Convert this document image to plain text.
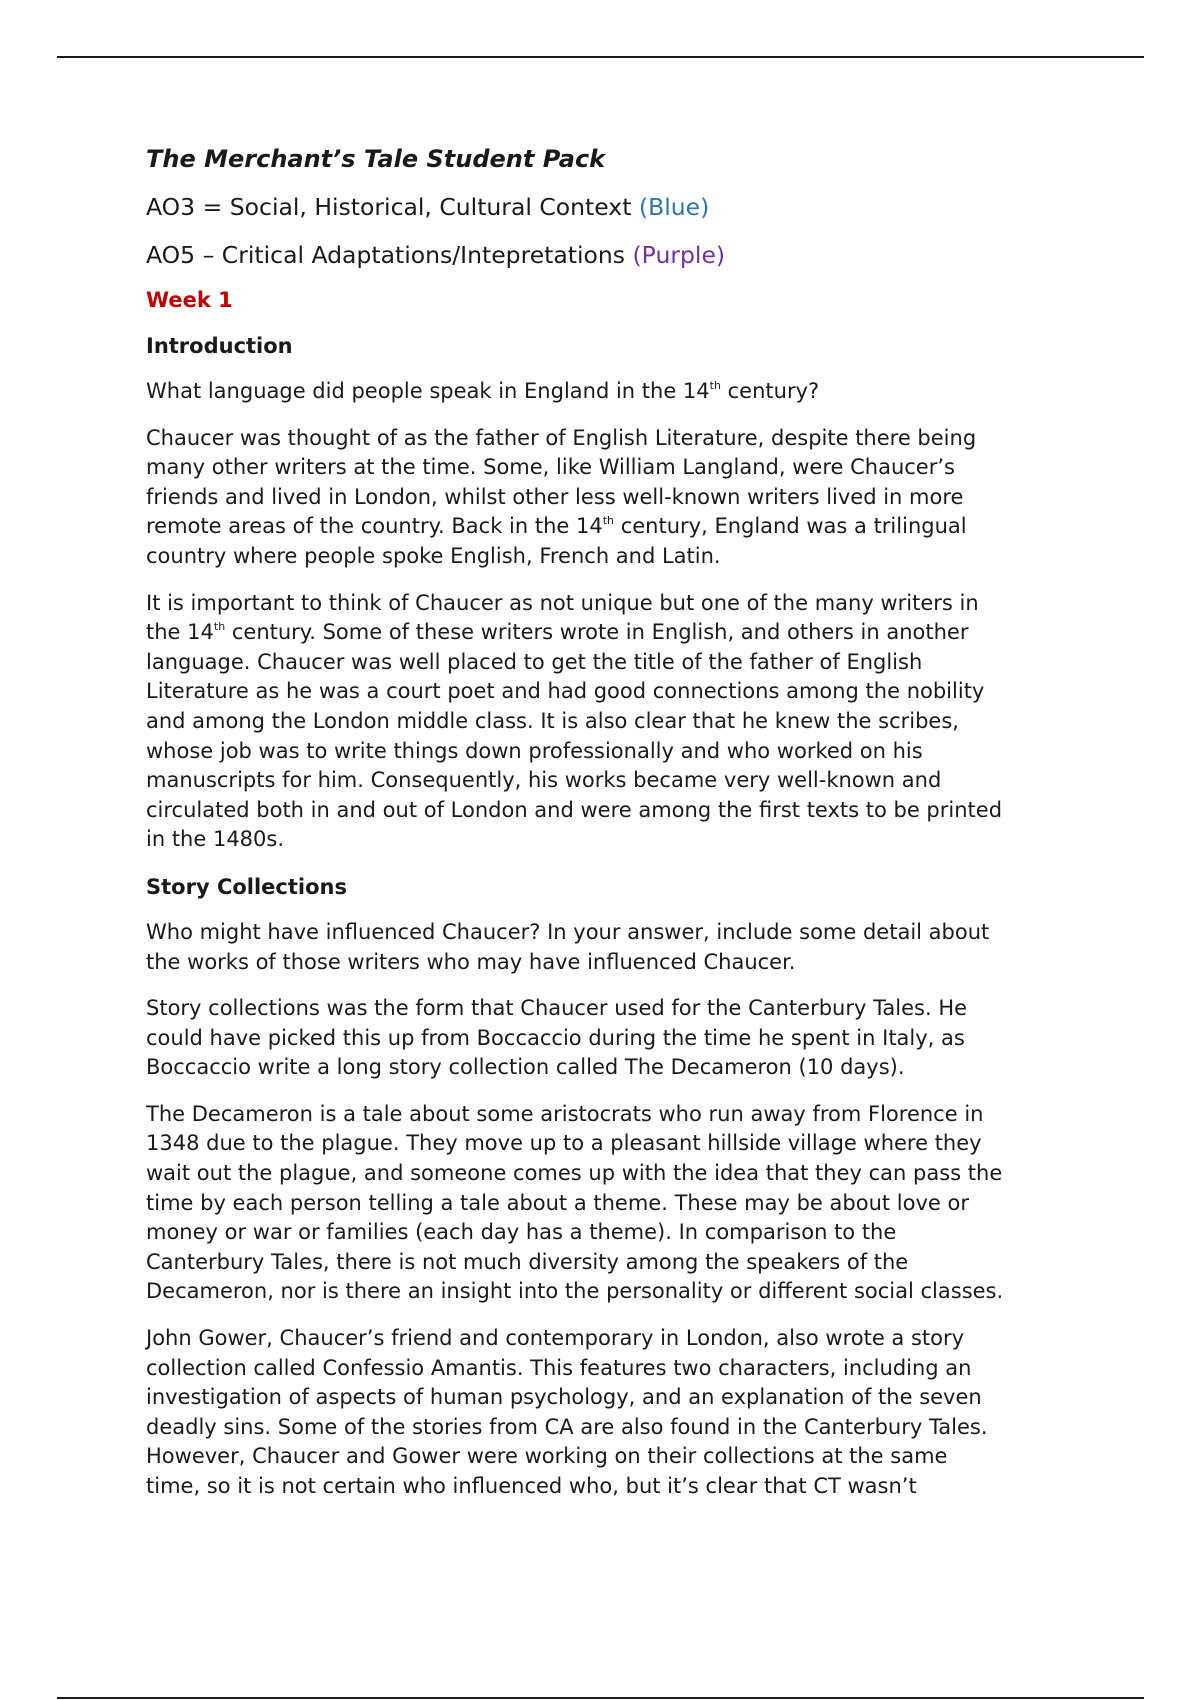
The Merchant’s Tale Student Pack
AO3 = Social, Historical, Cultural Context (Blue)
AO5 – Critical Adaptations/Intepretations (Purple)
Week 1
Introduction
What language did people speak in England in the 14th century?
Chaucer was thought of as the father of English Literature, despite there being
many other writers at the time. Some, like William Langland, were Chaucer’s
friends and lived in London, whilst other less well-known writers lived in more
remote areas of the country. Back in the 14th century, England was a trilingual
country where people spoke English, French and Latin.
It is important to think of Chaucer as not unique but one of the many writers in
the 14th century. Some of these writers wrote in English, and others in another
language. Chaucer was well placed to get the title of the father of English
Literature as he was a court poet and had good connections among the nobility
and among the London middle class. It is also clear that he knew the scribes,
whose job was to write things down professionally and who worked on his
manuscripts for him. Consequently, his works became very well-known and
circulated both in and out of London and were among the first texts to be printed
in the 1480s.
Story Collections
Who might have influenced Chaucer? In your answer, include some detail about
the works of those writers who may have influenced Chaucer.
Story collections was the form that Chaucer used for the Canterbury Tales. He
could have picked this up from Boccaccio during the time he spent in Italy, as
Boccaccio write a long story collection called The Decameron (10 days).
The Decameron is a tale about some aristocrats who run away from Florence in
1348 due to the plague. They move up to a pleasant hillside village where they
wait out the plague, and someone comes up with the idea that they can pass the
time by each person telling a tale about a theme. These may be about love or
money or war or families (each day has a theme). In comparison to the
Canterbury Tales, there is not much diversity among the speakers of the
Decameron, nor is there an insight into the personality or different social classes.
John Gower, Chaucer’s friend and contemporary in London, also wrote a story
collection called Confessio Amantis. This features two characters, including an
investigation of aspects of human psychology, and an explanation of the seven
deadly sins. Some of the stories from CA are also found in the Canterbury Tales.
However, Chaucer and Gower were working on their collections at the same
time, so it is not certain who influenced who, but it’s clear that CT wasn’t
